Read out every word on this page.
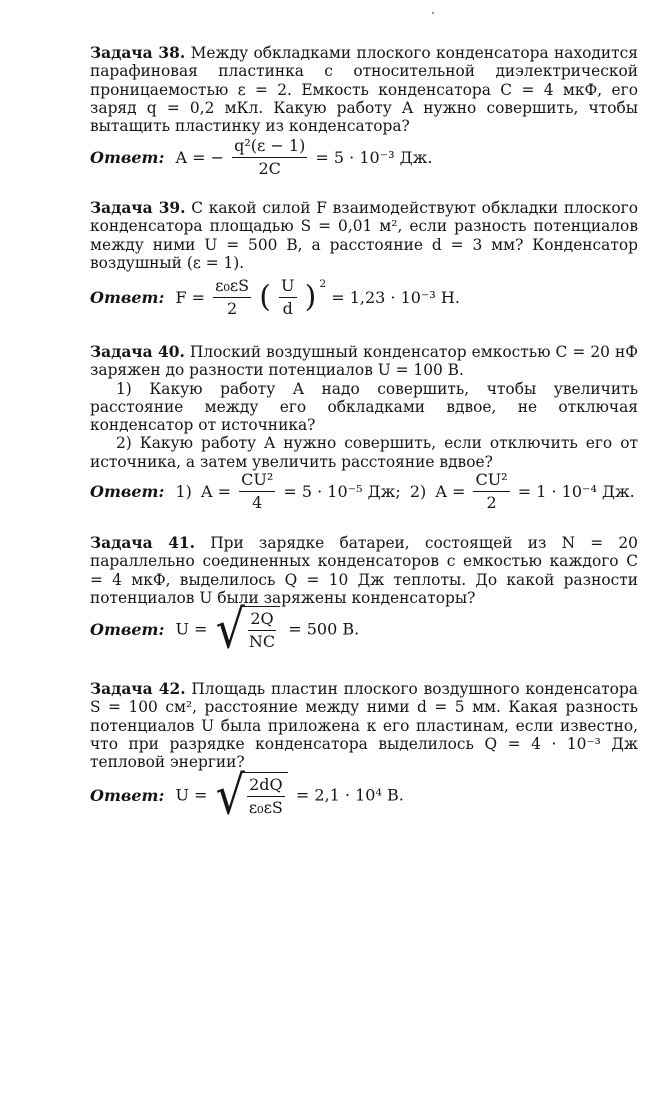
Задача 38. Между обкладками плоского конденсатора находится парафиновая пластинка с относительной диэлектрической проницаемостью ε = 2. Емкость конденсатора C = 4 мкФ, его заряд q = 0,2 мКл. Какую работу A нужно совершить, чтобы вытащить пластинку из конденсатора?

Ответ: A = − $\frac{\text{q²(ε − 1)}}{2C} = 5 \cdot 10^{-3}$ Дж.

Задача 39. С какой силой F взаимодействуют обкладки плоского конденсатора площадью S = 0,01 м², если разность потенциалов между ними U = 500 В, а расстояние d = 3 мм? Конденсатор воздушный (ε = 1).

Ответ: $F = \frac{\text{ε₀εS}}{2}$ ( $\frac{U}{d}$ ) $^2$ = 1,23 · 10⁻³ Н.

Задача 40. Плоский воздушный конденсатор емкостью C = 20 нФ заряжен до разности потенциалов U = 100 В.

1) Какую работу A надо совершить, чтобы увеличить расстояние между его обкладками вдвое, не отключая конденсатор от источника?

2) Какую работу A нужно совершить, если отключить его от источника, а затем увеличить расстояние вдвое?

Ответ: 1) $A = \frac{\text{CU²}}{4} = 5 \cdot 10^{-5}$ Дж; 2) $A = \frac{\text{CU²}}{2} = 1 \cdot 10^{-4}$ Дж.

Задача 41. При зарядке батареи, состоящей из N = 20 параллельно соединенных конденсаторов с емкостью каждого C = 4 мкФ, выделилось Q = 10 Дж теплоты. До какой разности потенциалов U были заряжены конденсаторы?

Ответ: U = √ $\frac{2Q}{NC} = 500$ В.

Задача 42. Площадь пластин плоского воздушного конденсатора S = 100 см², расстояние между ними d = 5 мм. Какая разность потенциалов U была приложена к его пластинам, если известно, что при разрядке конденсатора выделилось Q = 4 · 10⁻³ Дж тепловой энергии?

Ответ: U = √ $\frac{2dQ}{\text{ε₀εS}} = 2,1 \cdot 10^4$ В.
